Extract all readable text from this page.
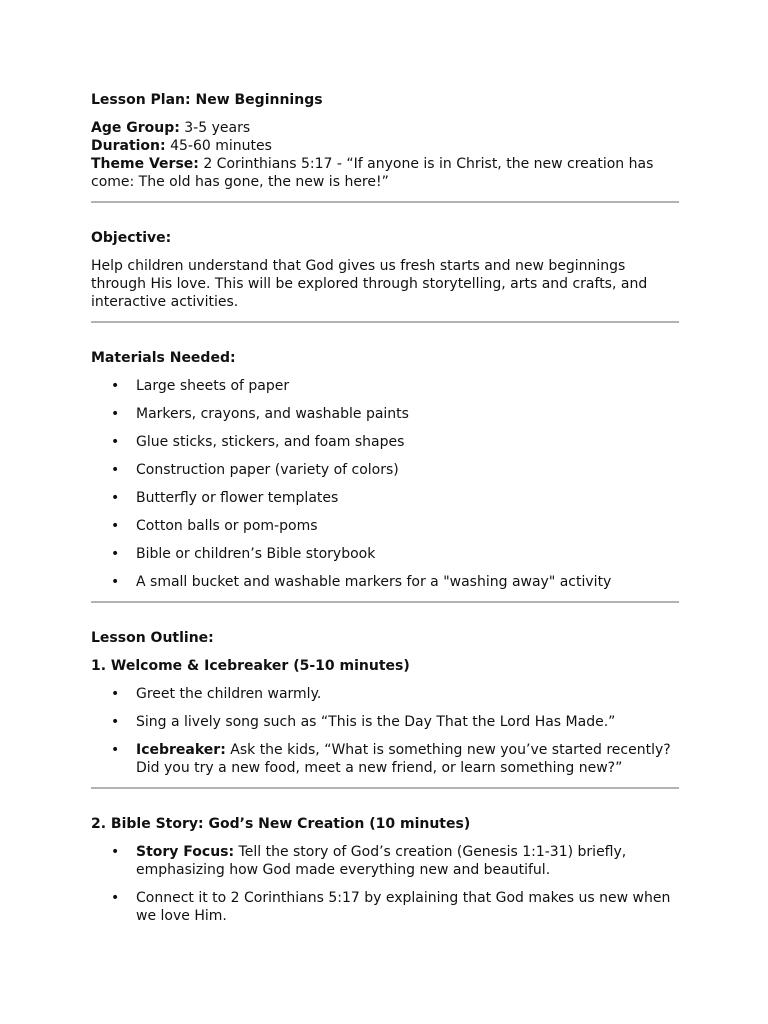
Lesson Plan: New Beginnings
Age Group: 3-5 years
Duration: 45-60 minutes
Theme Verse: 2 Corinthians 5:17 - “If anyone is in Christ, the new creation has
come: The old has gone, the new is here!”
Objective:
Help children understand that God gives us fresh starts and new beginnings through His love. This will be explored through storytelling, arts and crafts, and interactive activities.
Materials Needed:
• Large sheets of paper
• Markers, crayons, and washable paints
• Glue sticks, stickers, and foam shapes
• Construction paper (variety of colors)
• Butterfly or flower templates
• Cotton balls or pom-poms
• Bible or children’s Bible storybook
• A small bucket and washable markers for a "washing away" activity
Lesson Outline:
1. Welcome & Icebreaker (5-10 minutes)
• Greet the children warmly.
• Sing a lively song such as “This is the Day That the Lord Has Made.”
• Icebreaker: Ask the kids, “What is something new you’ve started recently? Did you try a new food, meet a new friend, or learn something new?”
2. Bible Story: God’s New Creation (10 minutes)
• Story Focus: Tell the story of God’s creation (Genesis 1:1-31) briefly, emphasizing how God made everything new and beautiful.
• Connect it to 2 Corinthians 5:17 by explaining that God makes us new when we love Him.
